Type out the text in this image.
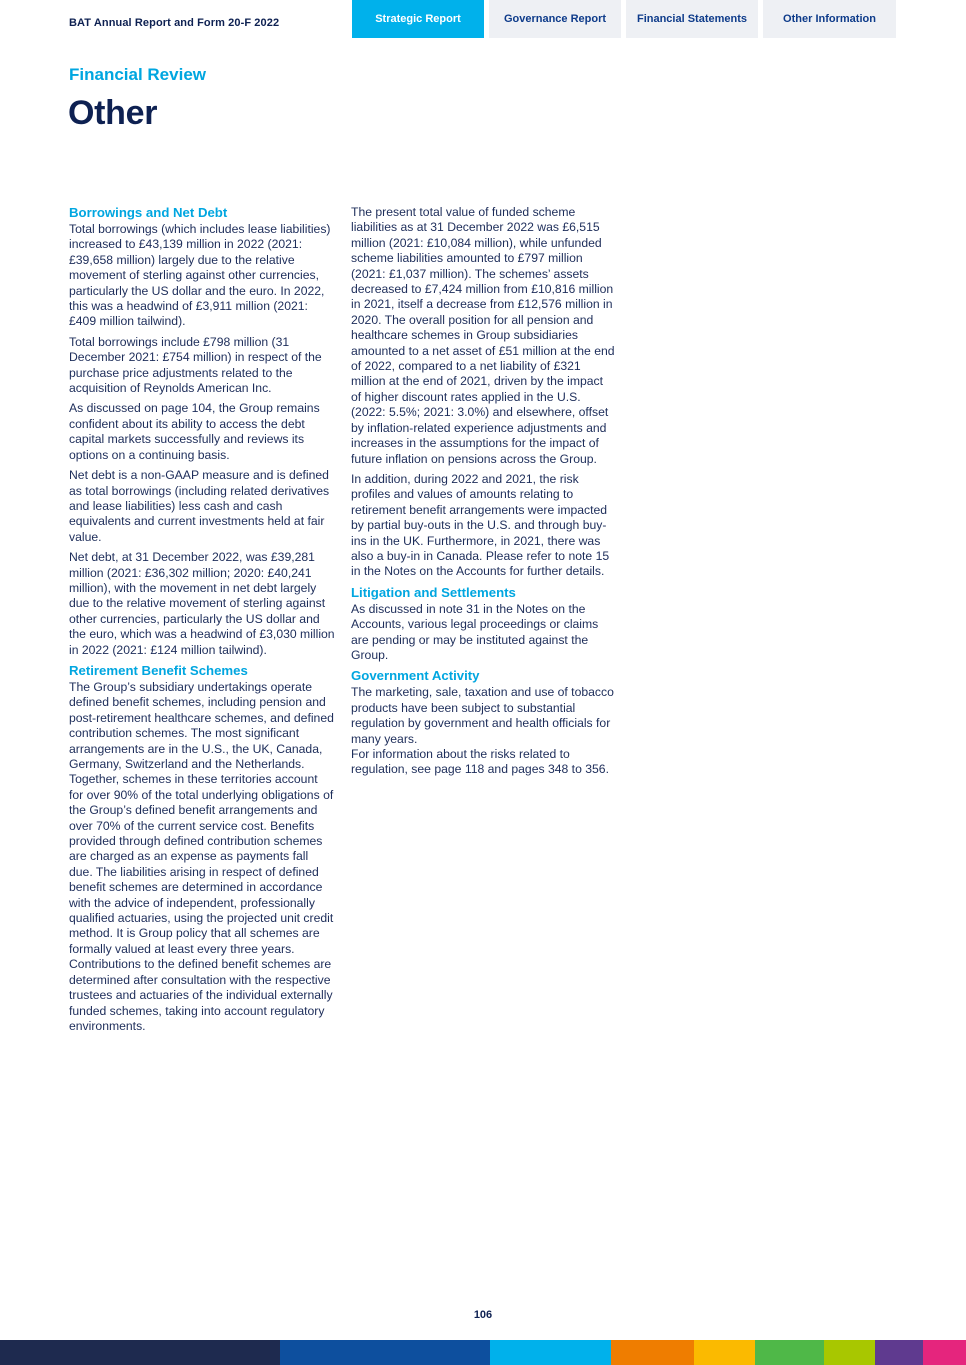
BAT Annual Report and Form 20-F 2022	Strategic Report	Governance Report	Financial Statements	Other Information
Financial Review
Other
Borrowings and Net Debt

Total borrowings (which includes lease liabilities) increased to £43,139 million in 2022 (2021: £39,658 million) largely due to the relative movement of sterling against other currencies, particularly the US dollar and the euro. In 2022, this was a headwind of £3,911 million (2021: £409 million tailwind).

Total borrowings include £798 million (31 December 2021: £754 million) in respect of the purchase price adjustments related to the acquisition of Reynolds American Inc.

As discussed on page 104, the Group remains confident about its ability to access the debt capital markets successfully and reviews its options on a continuing basis.

Net debt is a non-GAAP measure and is defined as total borrowings (including related derivatives and lease liabilities) less cash and cash equivalents and current investments held at fair value.

Net debt, at 31 December 2022, was £39,281 million (2021: £36,302 million; 2020: £40,241 million), with the movement in net debt largely due to the relative movement of sterling against other currencies, particularly the US dollar and the euro, which was a headwind of £3,030 million in 2022 (2021: £124 million tailwind).

Retirement Benefit Schemes

The Group’s subsidiary undertakings operate defined benefit schemes, including pension and post-retirement healthcare schemes, and defined contribution schemes. The most significant arrangements are in the U.S., the UK, Canada, Germany, Switzerland and the Netherlands. Together, schemes in these territories account for over 90% of the total underlying obligations of the Group’s defined benefit arrangements and over 70% of the current service cost. Benefits provided through defined contribution schemes are charged as an expense as payments fall due. The liabilities arising in respect of defined benefit schemes are determined in accordance with the advice of independent, professionally qualified actuaries, using the projected unit credit method. It is Group policy that all schemes are formally valued at least every three years. Contributions to the defined benefit schemes are determined after consultation with the respective trustees and actuaries of the individual externally funded schemes, taking into account regulatory environments.

The present total value of funded scheme liabilities as at 31 December 2022 was £6,515 million (2021: £10,084 million), while unfunded scheme liabilities amounted to £797 million (2021: £1,037 million). The schemes’ assets decreased to £7,424 million from £10,816 million in 2021, itself a decrease from £12,576 million in 2020. The overall position for all pension and healthcare schemes in Group subsidiaries amounted to a net asset of £51 million at the end of 2022, compared to a net liability of £321 million at the end of 2021, driven by the impact of higher discount rates applied in the U.S. (2022: 5.5%; 2021: 3.0%) and elsewhere, offset by inflation-related experience adjustments and increases in the assumptions for the impact of future inflation on pensions across the Group.

In addition, during 2022 and 2021, the risk profiles and values of amounts relating to retirement benefit arrangements were impacted by partial buy-outs in the U.S. and through buy-ins in the UK. Furthermore, in 2021, there was also a buy-in in Canada. Please refer to note 15 in the Notes on the Accounts for further details.

Litigation and Settlements

As discussed in note 31 in the Notes on the Accounts, various legal proceedings or claims are pending or may be instituted against the Group.

Government Activity

The marketing, sale, taxation and use of tobacco products have been subject to substantial regulation by government and health officials for many years.

For information about the risks related to regulation, see page 118 and pages 348 to 356.

106
